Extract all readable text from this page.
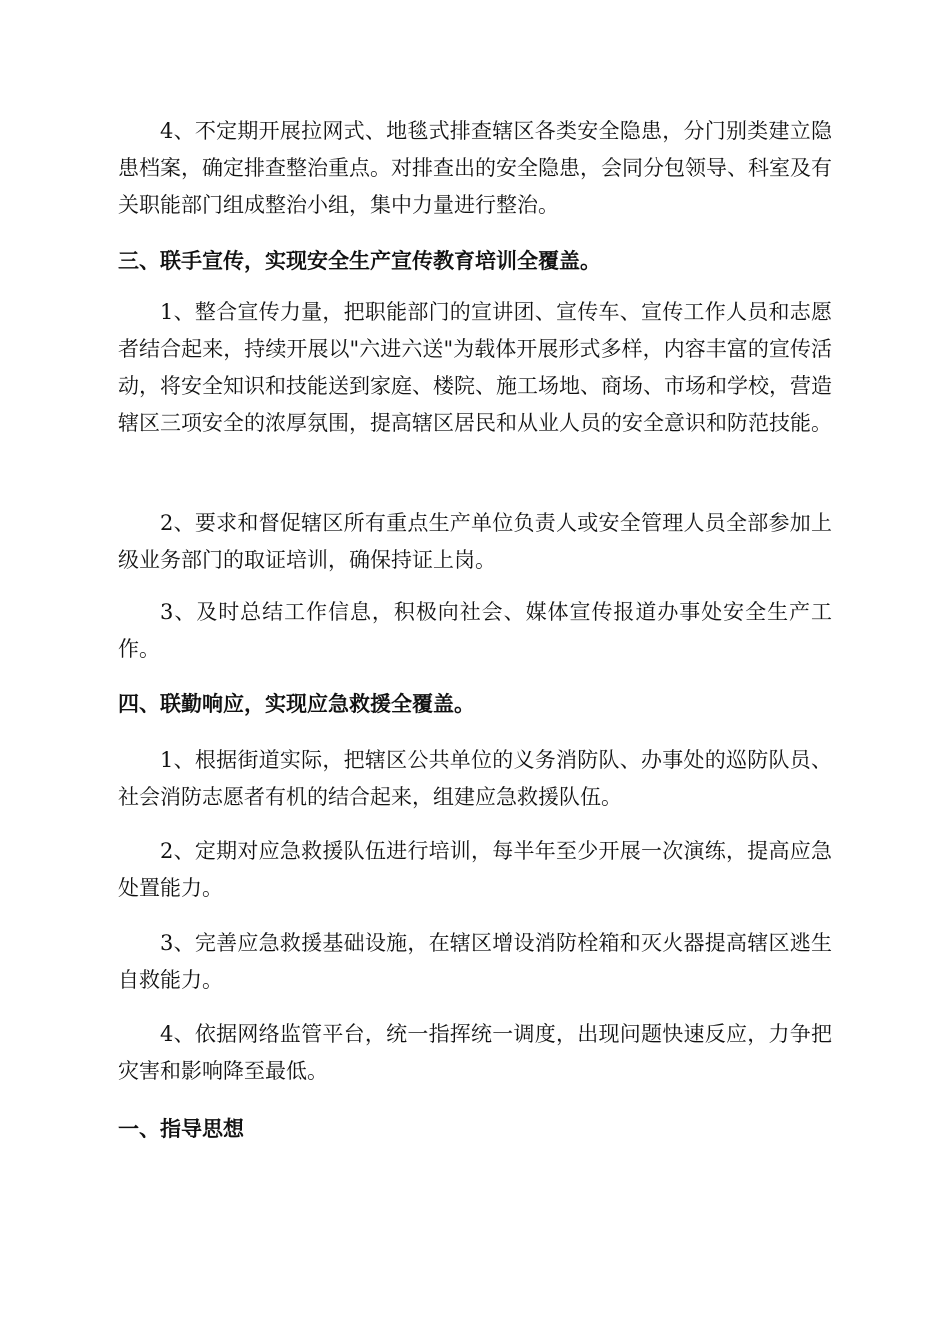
4、不定期开展拉网式、地毯式排查辖区各类安全隐患，分门别类建立隐患档案，确定排查整治重点。对排查出的安全隐患，会同分包领导、科室及有关职能部门组成整治小组，集中力量进行整治。

三、联手宣传，实现安全生产宣传教育培训全覆盖。

1、整合宣传力量，把职能部门的宣讲团、宣传车、宣传工作人员和志愿者结合起来，持续开展以"六进六送"为载体开展形式多样，内容丰富的宣传活动，将安全知识和技能送到家庭、楼院、施工场地、商场、市场和学校，营造辖区三项安全的浓厚氛围，提高辖区居民和从业人员的安全意识和防范技能。

2、要求和督促辖区所有重点生产单位负责人或安全管理人员全部参加上级业务部门的取证培训，确保持证上岗。

3、及时总结工作信息，积极向社会、媒体宣传报道办事处安全生产工作。

四、联勤响应，实现应急救援全覆盖。

1、根据街道实际，把辖区公共单位的义务消防队、办事处的巡防队员、社会消防志愿者有机的结合起来，组建应急救援队伍。

2、定期对应急救援队伍进行培训，每半年至少开展一次演练，提高应急处置能力。

3、完善应急救援基础设施，在辖区增设消防栓箱和灭火器提高辖区逃生自救能力。

4、依据网络监管平台，统一指挥统一调度，出现问题快速反应，力争把灾害和影响降至最低。

一、指导思想
